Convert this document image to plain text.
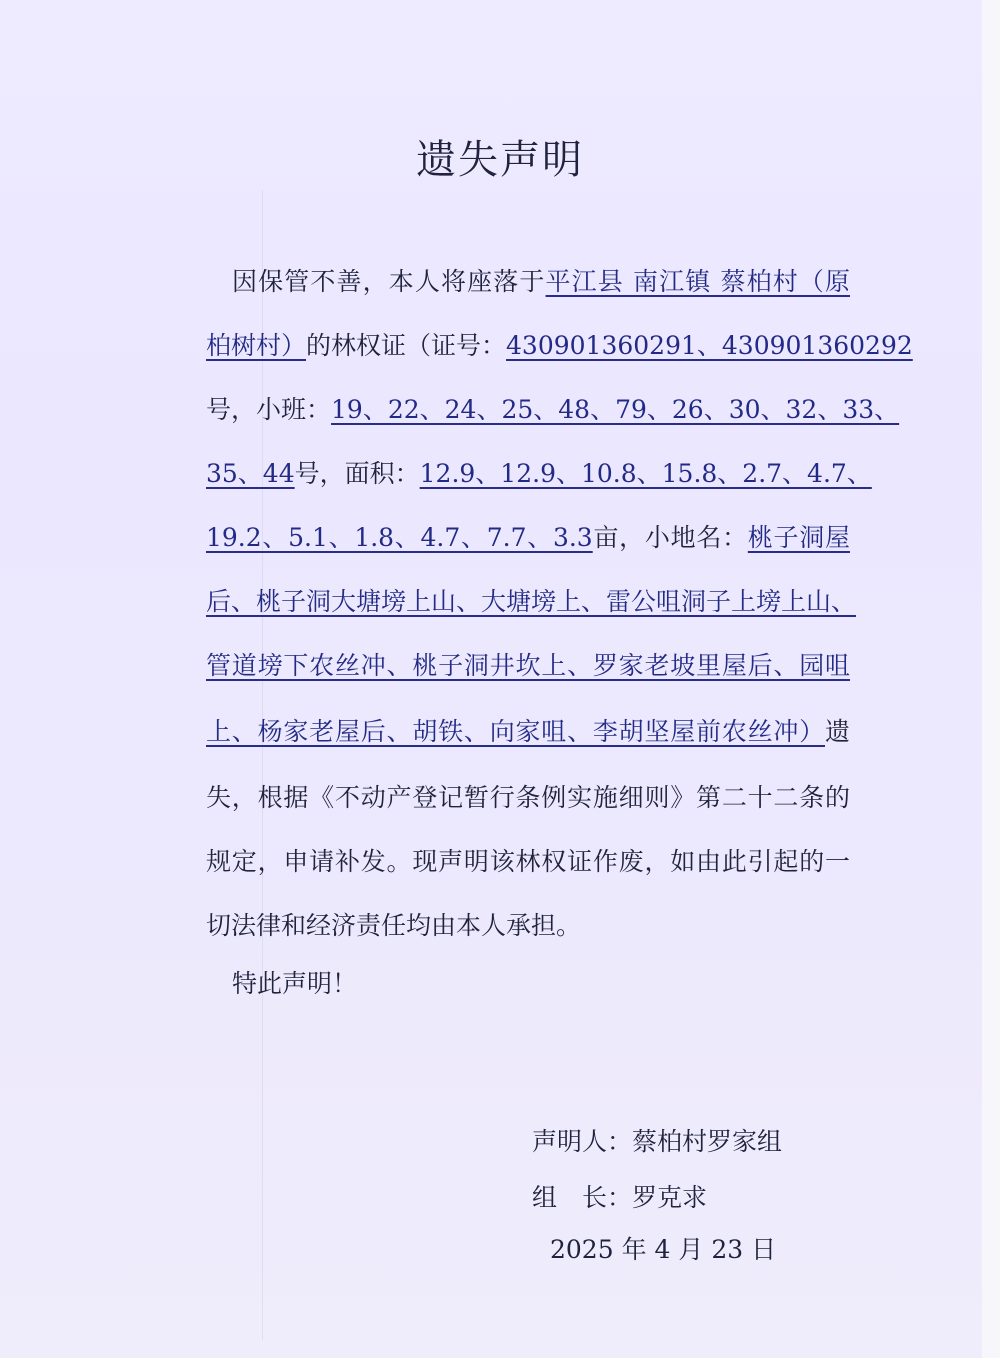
遗失声明
因保管不善，本人将座落于平江县 南江镇 蔡柏村（原
柏树村）的林权证（证号：430901360291、430901360292
号，小班：19、22、24、25、48、79、26、30、32、33、
35、44号，面积：12.9、12.9、10.8、15.8、2.7、4.7、
19.2、5.1、1.8、4.7、7.7、3.3亩，小地名：桃子洞屋
后、桃子洞大塘塝上山、大塘塝上、雷公咀洞子上塝上山、
管道塝下农丝冲、桃子洞井坎上、罗家老坡里屋后、园咀
上、杨家老屋后、胡铁、向家咀、李胡坚屋前农丝冲）遗
失，根据《不动产登记暂行条例实施细则》第二十二条的
规定，申请补发。现声明该林权证作废，如由此引起的一
切法律和经济责任均由本人承担。
特此声明！
声明人：蔡柏村罗家组
组　长：罗克求
2025 年 4 月 23 日
